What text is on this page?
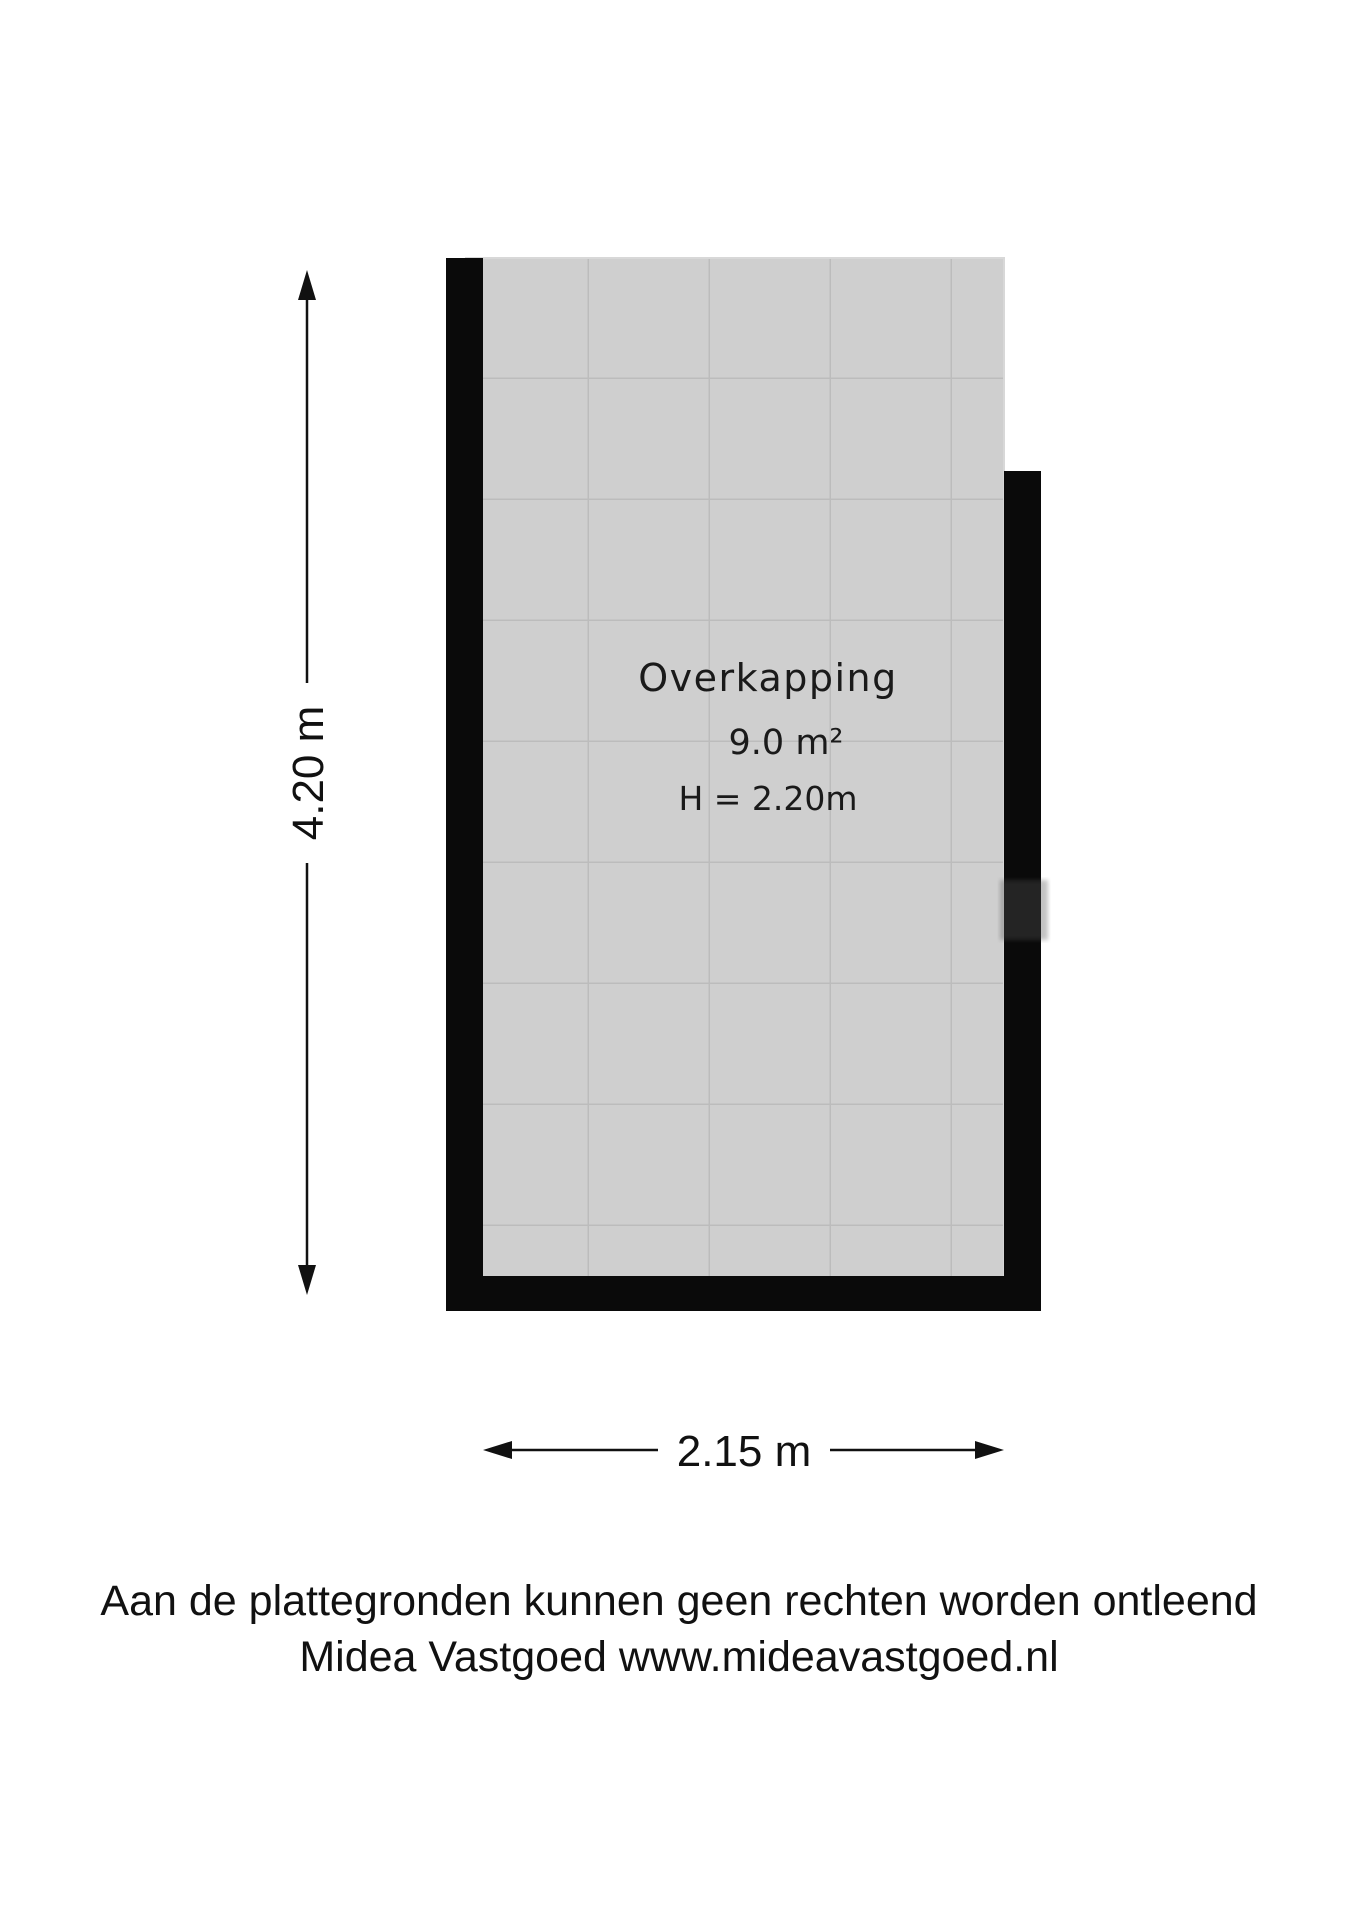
Overkapping
9.0 m²
H = 2.20m
4.20 m
2.15 m
Aan de plattegronden kunnen geen rechten worden ontleend
Midea Vastgoed www.mideavastgoed.nl
